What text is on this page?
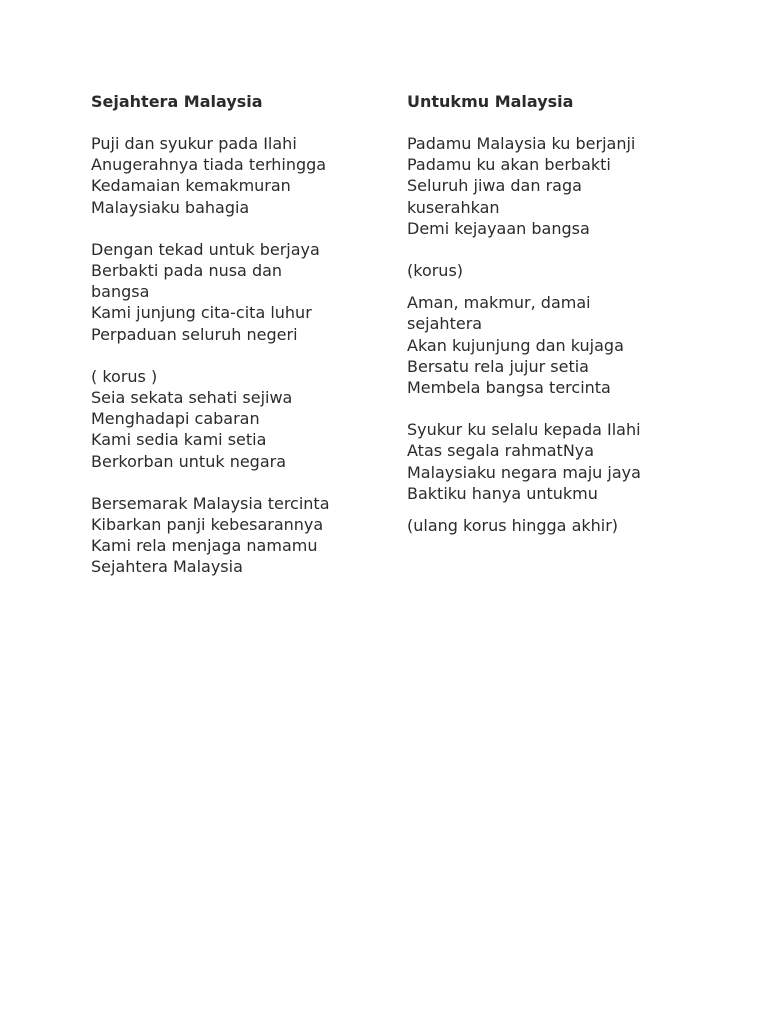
Sejahtera Malaysia
Puji dan syukur pada Ilahi
Anugerahnya tiada terhingga
Kedamaian kemakmuran
Malaysiaku bahagia
Dengan tekad untuk berjaya
Berbakti pada nusa dan
bangsa
Kami junjung cita-cita luhur
Perpaduan seluruh negeri
( korus )
Seia sekata sehati sejiwa
Menghadapi cabaran
Kami sedia kami setia
Berkorban untuk negara
Bersemarak Malaysia tercinta
Kibarkan panji kebesarannya
Kami rela menjaga namamu
Sejahtera Malaysia
Untukmu Malaysia
Padamu Malaysia ku berjanji
Padamu ku akan berbakti
Seluruh jiwa dan raga
kuserahkan
Demi kejayaan bangsa
(korus)
Aman, makmur, damai
sejahtera
Akan kujunjung dan kujaga
Bersatu rela jujur setia
Membela bangsa tercinta
Syukur ku selalu kepada Ilahi
Atas segala rahmatNya
Malaysiaku negara maju jaya
Baktiku hanya untukmu
(ulang korus hingga akhir)
